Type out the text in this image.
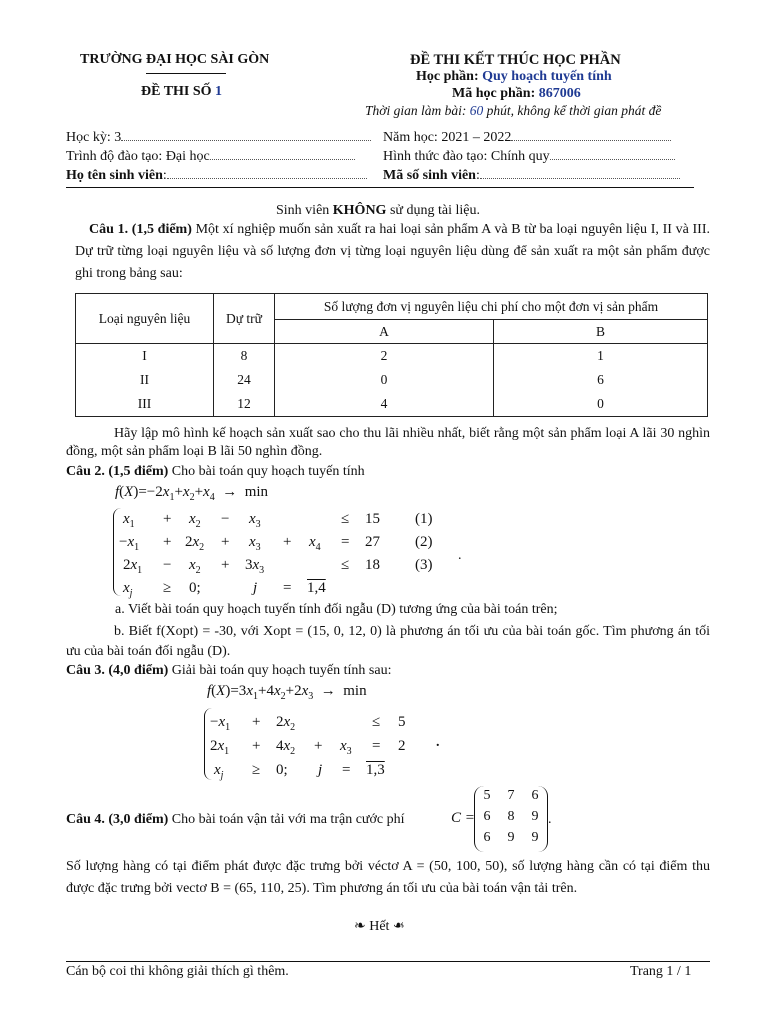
TRƯỜNG ĐẠI HỌC SÀI GÒN
ĐỀ THI SỐ 1
ĐỀ THI KẾT THÚC HỌC PHẦN
Học phần: Quy hoạch tuyến tính
Mã học phần: 867006
Thời gian làm bài: 60 phút, không kể thời gian phát đề
Học kỳ: 3	Năm học: 2021 – 2022
Trình độ đào tạo: Đại học	Hình thức đào tạo: Chính quy
Họ tên sinh viên:	Mã số sinh viên:
Sinh viên KHÔNG sử dụng tài liệu.
Câu 1. (1,5 điểm) Một xí nghiệp muốn sản xuất ra hai loại sản phẩm A và B từ ba loại nguyên liệu I, II và III. Dự trữ từng loại nguyên liệu và số lượng đơn vị từng loại nguyên liệu dùng để sản xuất ra một sản phẩm được ghi trong bảng sau:
Loại nguyên liệu	Dự trữ	Số lượng đơn vị nguyên liệu chi phí cho một đơn vị sản phẩm	
		A	B
I	8	2	1
II	24	0	6
III	12	4	0
Hãy lập mô hình kế hoạch sản xuất sao cho thu lãi nhiều nhất, biết rằng một sản phẩm loại A lãi 30 nghìn đồng, một sản phẩm loại B lãi 50 nghìn đồng.
Câu 2. (1,5 điểm) Cho bài toán quy hoạch tuyến tính
$f(X)=-2x_1+x_2+x_4 \to \min$
$x_1 + x_2 - x_3$	≤ 15 (1)
$-x_1 + 2x_2 + x_3 + x_4 = 27$ (2)
$2x_1 - x_2 + 3x_3$	≤ 18 (3)
$x_j \ge 0$;	j = 1,4
.
a. Viết bài toán quy hoạch tuyến tính đối ngẫu (D) tương ứng của bài toán trên;
b. Biết f(Xopt) = -30, với Xopt = (15, 0, 12, 0) là phương án tối ưu của bài toán gốc. Tìm phương án tối ưu của bài toán đối ngẫu (D).
Câu 3. (4,0 điểm) Giải bài toán quy hoạch tuyến tính sau:
$f(X)=3x_1+4x_2+2x_3 \to \min$
$-x_1 + 2x_2$	≤ 5
$2x_1 + 4x_2 + x_3 = 2$
$x_j \ge 0$; j = 1,3
.
Câu 4. (3,0 điểm) Cho bài toán vận tải với ma trận cước phí	C =
5 7 6
6 8 9
6 9 9
.
Số lượng hàng có tại điểm phát được đặc trưng bởi véctơ A = (50, 100, 50), số lượng hàng cần có tại điểm thu được đặc trưng bởi vectơ B = (65, 110, 25). Tìm phương án tối ưu của bài toán vận tải trên.
❧ Hết ❧
Cán bộ coi thi không giải thích gì thêm.	Trang 1 / 1
